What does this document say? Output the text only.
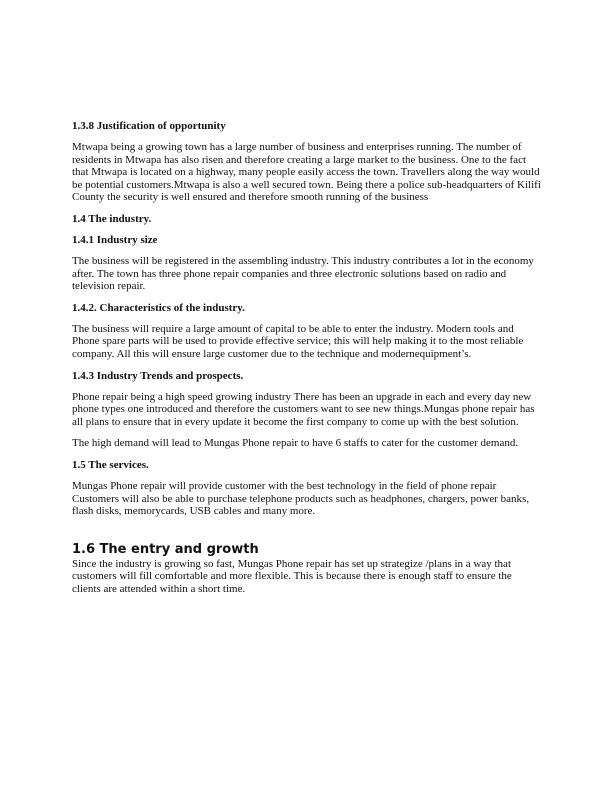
1.3.8 Justification of opportunity

Mtwapa being a growing town has a large number of business and enterprises running. The number of residents in Mtwapa has also risen and therefore creating a large market to the business. One to the fact that Mtwapa is located on a highway, many people easily access the town. Travellers along the way would be potential customers.Mtwapa is also a well secured town. Being there a police sub-headquarters of Kilifi County the security is well ensured and therefore smooth running of the business

1.4 The industry.
1.4.1 Industry size

The business will be registered in the assembling industry. This industry contributes a lot in the economy after. The town has three phone repair companies and three electronic solutions based on radio and television repair.

1.4.2. Characteristics of the industry.

The business will require a large amount of capital to be able to enter the industry. Modern tools and Phone spare parts will be used to provide effective service; this will help making it to the most reliable company. All this will ensure large customer due to the technique and modernequipment’s.

1.4.3 Industry Trends and prospects.

Phone repair being a high speed growing industry There has been an upgrade in each and every day new phone types one introduced and therefore the customers want to see new things.Mungas phone repair has all plans to ensure that in every update it become the first company to come up with the best solution.

The high demand will lead to Mungas Phone repair to have 6 staffs to cater for the customer demand.

1.5 The services.

Mungas Phone repair will provide customer with the best technology in the field of phone repair Customers will also be able to purchase telephone products such as headphones, chargers, power banks, flash disks, memorycards, USB cables and many more.

1.6 The entry and growth

Since the industry is growing so fast, Mungas Phone repair has set up strategize /plans in a way that customers will fill comfortable and more flexible. This is because there is enough staff to ensure the clients are attended within a short time.
